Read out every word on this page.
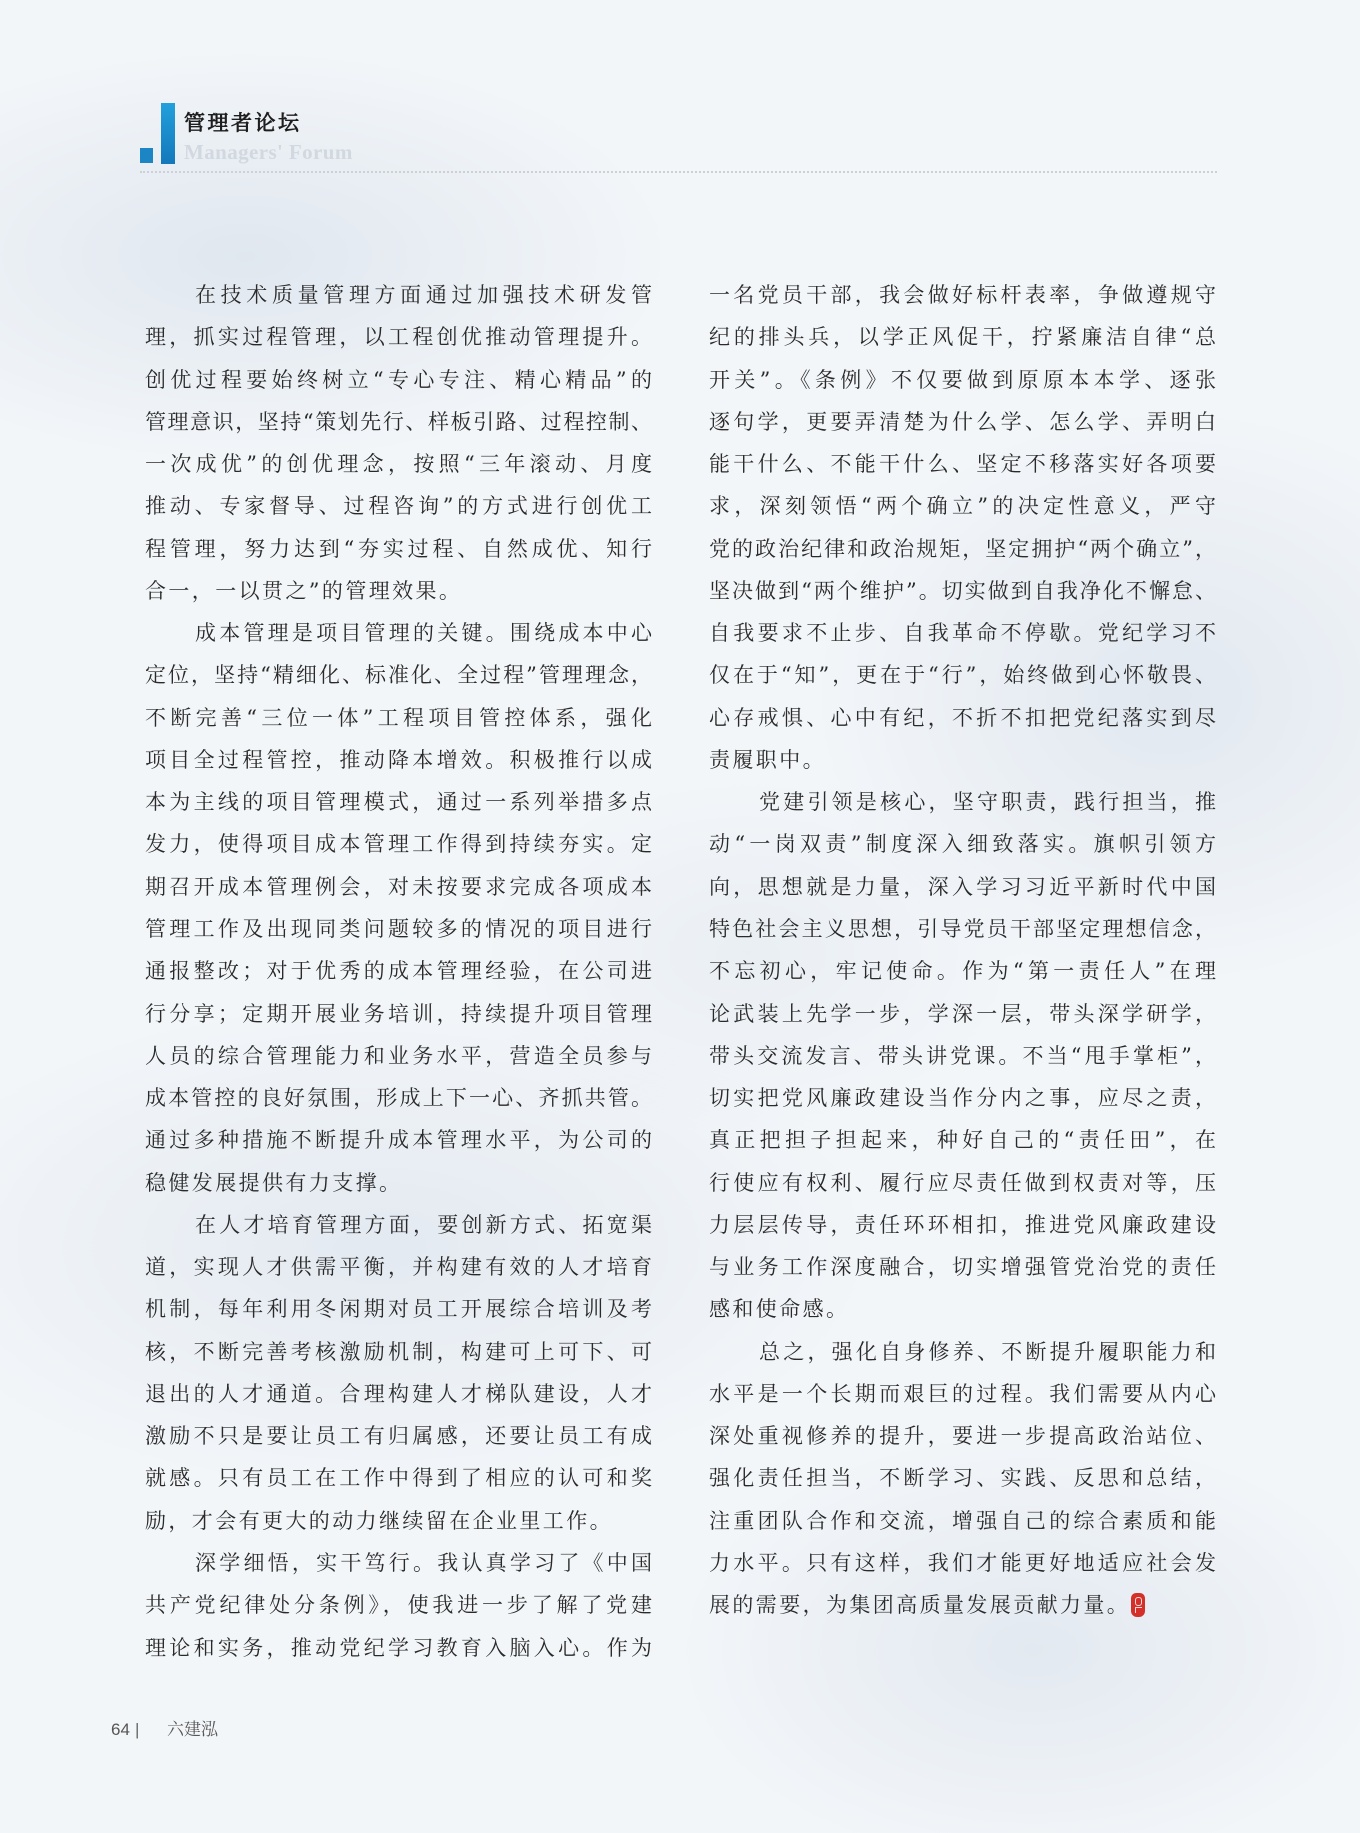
管理者论坛
Managers' Forum
在技术质量管理方面通过加强技术研发管
理，抓实过程管理，以工程创优推动管理提升。
创优过程要始终树立“专心专注、精心精品”的
管理意识，坚持“策划先行、样板引路、过程控制、
一次成优”的创优理念，按照“三年滚动、月度
推动、专家督导、过程咨询”的方式进行创优工
程管理，努力达到“夯实过程、自然成优、知行
合一，一以贯之”的管理效果。
成本管理是项目管理的关键。围绕成本中心
定位，坚持“精细化、标准化、全过程”管理理念，
不断完善“三位一体”工程项目管控体系，强化
项目全过程管控，推动降本增效。积极推行以成
本为主线的项目管理模式，通过一系列举措多点
发力，使得项目成本管理工作得到持续夯实。定
期召开成本管理例会，对未按要求完成各项成本
管理工作及出现同类问题较多的情况的项目进行
通报整改；对于优秀的成本管理经验，在公司进
行分享；定期开展业务培训，持续提升项目管理
人员的综合管理能力和业务水平，营造全员参与
成本管控的良好氛围，形成上下一心、齐抓共管。
通过多种措施不断提升成本管理水平，为公司的
稳健发展提供有力支撑。
在人才培育管理方面，要创新方式、拓宽渠
道，实现人才供需平衡，并构建有效的人才培育
机制，每年利用冬闲期对员工开展综合培训及考
核，不断完善考核激励机制，构建可上可下、可
退出的人才通道。合理构建人才梯队建设，人才
激励不只是要让员工有归属感，还要让员工有成
就感。只有员工在工作中得到了相应的认可和奖
励，才会有更大的动力继续留在企业里工作。
深学细悟，实干笃行。我认真学习了《中国
共产党纪律处分条例》，使我进一步了解了党建
理论和实务，推动党纪学习教育入脑入心。作为
一名党员干部，我会做好标杆表率，争做遵规守
纪的排头兵，以学正风促干，拧紧廉洁自律“总
开关”。《条例》不仅要做到原原本本学、逐张
逐句学，更要弄清楚为什么学、怎么学、弄明白
能干什么、不能干什么、坚定不移落实好各项要
求，深刻领悟“两个确立”的决定性意义，严守
党的政治纪律和政治规矩，坚定拥护“两个确立”，
坚决做到“两个维护”。切实做到自我净化不懈怠、
自我要求不止步、自我革命不停歇。党纪学习不
仅在于“知”，更在于“行”，始终做到心怀敬畏、
心存戒惧、心中有纪，不折不扣把党纪落实到尽
责履职中。
党建引领是核心，坚守职责，践行担当，推
动“一岗双责”制度深入细致落实。旗帜引领方
向，思想就是力量，深入学习习近平新时代中国
特色社会主义思想，引导党员干部坚定理想信念，
不忘初心，牢记使命。作为“第一责任人”在理
论武装上先学一步，学深一层，带头深学研学，
带头交流发言、带头讲党课。不当“甩手掌柜”，
切实把党风廉政建设当作分内之事，应尽之责，
真正把担子担起来，种好自己的“责任田”，在
行使应有权利、履行应尽责任做到权责对等，压
力层层传导，责任环环相扣，推进党风廉政建设
与业务工作深度融合，切实增强管党治党的责任
感和使命感。
总之，强化自身修养、不断提升履职能力和
水平是一个长期而艰巨的过程。我们需要从内心
深处重视修养的提升，要进一步提高政治站位、
强化责任担当，不断学习、实践、反思和总结，
注重团队合作和交流，增强自己的综合素质和能
力水平。只有这样，我们才能更好地适应社会发
展的需要，为集团高质量发展贡献力量。
64 | 六建泓
